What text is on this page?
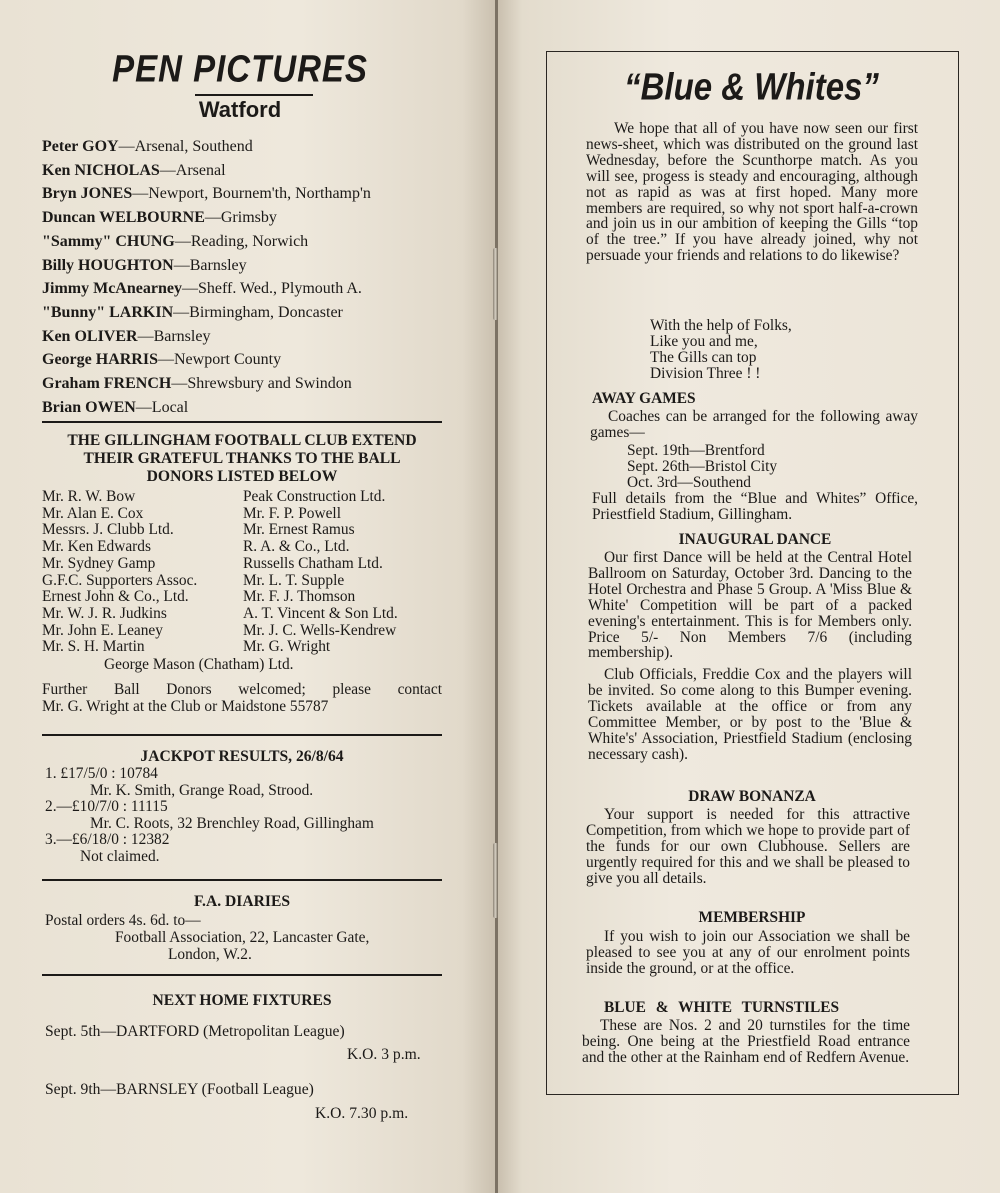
PEN PICTURES
Watford
Peter GOY—Arsenal, Southend
Ken NICHOLAS—Arsenal
Bryn JONES—Newport, Bournem'th, Northamp'n
Duncan WELBOURNE—Grimsby
"Sammy" CHUNG—Reading, Norwich
Billy HOUGHTON—Barnsley
Jimmy McAnearney—Sheff. Wed., Plymouth A.
"Bunny" LARKIN—Birmingham, Doncaster
Ken OLIVER—Barnsley
George HARRIS—Newport County
Graham FRENCH—Shrewsbury and Swindon
Brian OWEN—Local
THE GILLINGHAM FOOTBALL CLUB EXTEND
THEIR GRATEFUL THANKS TO THE BALL
DONORS LISTED BELOW
Mr. R. W. Bow	Peak Construction Ltd.
Mr. Alan E. Cox	Mr. F. P. Powell
Messrs. J. Clubb Ltd.	Mr. Ernest Ramus
Mr. Ken Edwards	R. A. & Co., Ltd.
Mr. Sydney Gamp	Russells Chatham Ltd.
G.F.C. Supporters Assoc.	Mr. L. T. Supple
Ernest John & Co., Ltd.	Mr. F. J. Thomson
Mr. W. J. R. Judkins	A. T. Vincent & Son Ltd.
Mr. John E. Leaney	Mr. J. C. Wells-Kendrew
Mr. S. H. Martin	Mr. G. Wright
George Mason (Chatham) Ltd.
Further Ball Donors welcomed; please contact
Mr. G. Wright at the Club or Maidstone 55787
JACKPOT RESULTS, 26/8/64
1. £17/5/0 : 10784
Mr. K. Smith, Grange Road, Strood.
2.—£10/7/0 : 11115
Mr. C. Roots, 32 Brenchley Road, Gillingham
3.—£6/18/0 : 12382
Not claimed.
F.A. DIARIES
Postal orders 4s. 6d. to—
Football Association, 22, Lancaster Gate,
London, W.2.
NEXT HOME FIXTURES
Sept. 5th—DARTFORD (Metropolitan League)
K.O. 3 p.m.
Sept. 9th—BARNSLEY (Football League)
K.O. 7.30 p.m.
“Blue & Whites”
We hope that all of you have now seen our first news-sheet, which was distributed on the ground last Wednesday, before the Scunthorpe match. As you will see, progess is steady and encouraging, although not as rapid as was at first hoped. Many more members are required, so why not sport half-a-crown and join us in our ambition of keeping the Gills “top of the tree.” If you have already joined, why not persuade your friends and relations to do likewise?
With the help of Folks,
Like you and me,
The Gills can top
Division Three ! !
AWAY GAMES
Coaches can be arranged for the following away games—
Sept. 19th—Brentford
Sept. 26th—Bristol City
Oct. 3rd—Southend
Full details from the “Blue and Whites” Office, Priestfield Stadium, Gillingham.
INAUGURAL DANCE
Our first Dance will be held at the Central Hotel Ballroom on Saturday, October 3rd. Dancing to the Hotel Orchestra and Phase 5 Group. A 'Miss Blue & White' Competition will be part of a packed evening's entertainment. This is for Members only. Price 5/- Non Members 7/6 (including membership).
Club Officials, Freddie Cox and the players will be invited. So come along to this Bumper evening. Tickets available at the office or from any Committee Member, or by post to the 'Blue & White's' Association, Priestfield Stadium (enclosing necessary cash).
DRAW BONANZA
Your support is needed for this attractive Competition, from which we hope to provide part of the funds for our own Clubhouse. Sellers are urgently required for this and we shall be pleased to give you all details.
MEMBERSHIP
If you wish to join our Association we shall be pleased to see you at any of our enrolment points inside the ground, or at the office.
BLUE & WHITE TURNSTILES
These are Nos. 2 and 20 turnstiles for the time being. One being at the Priestfield Road entrance and the other at the Rainham end of Redfern Avenue.
